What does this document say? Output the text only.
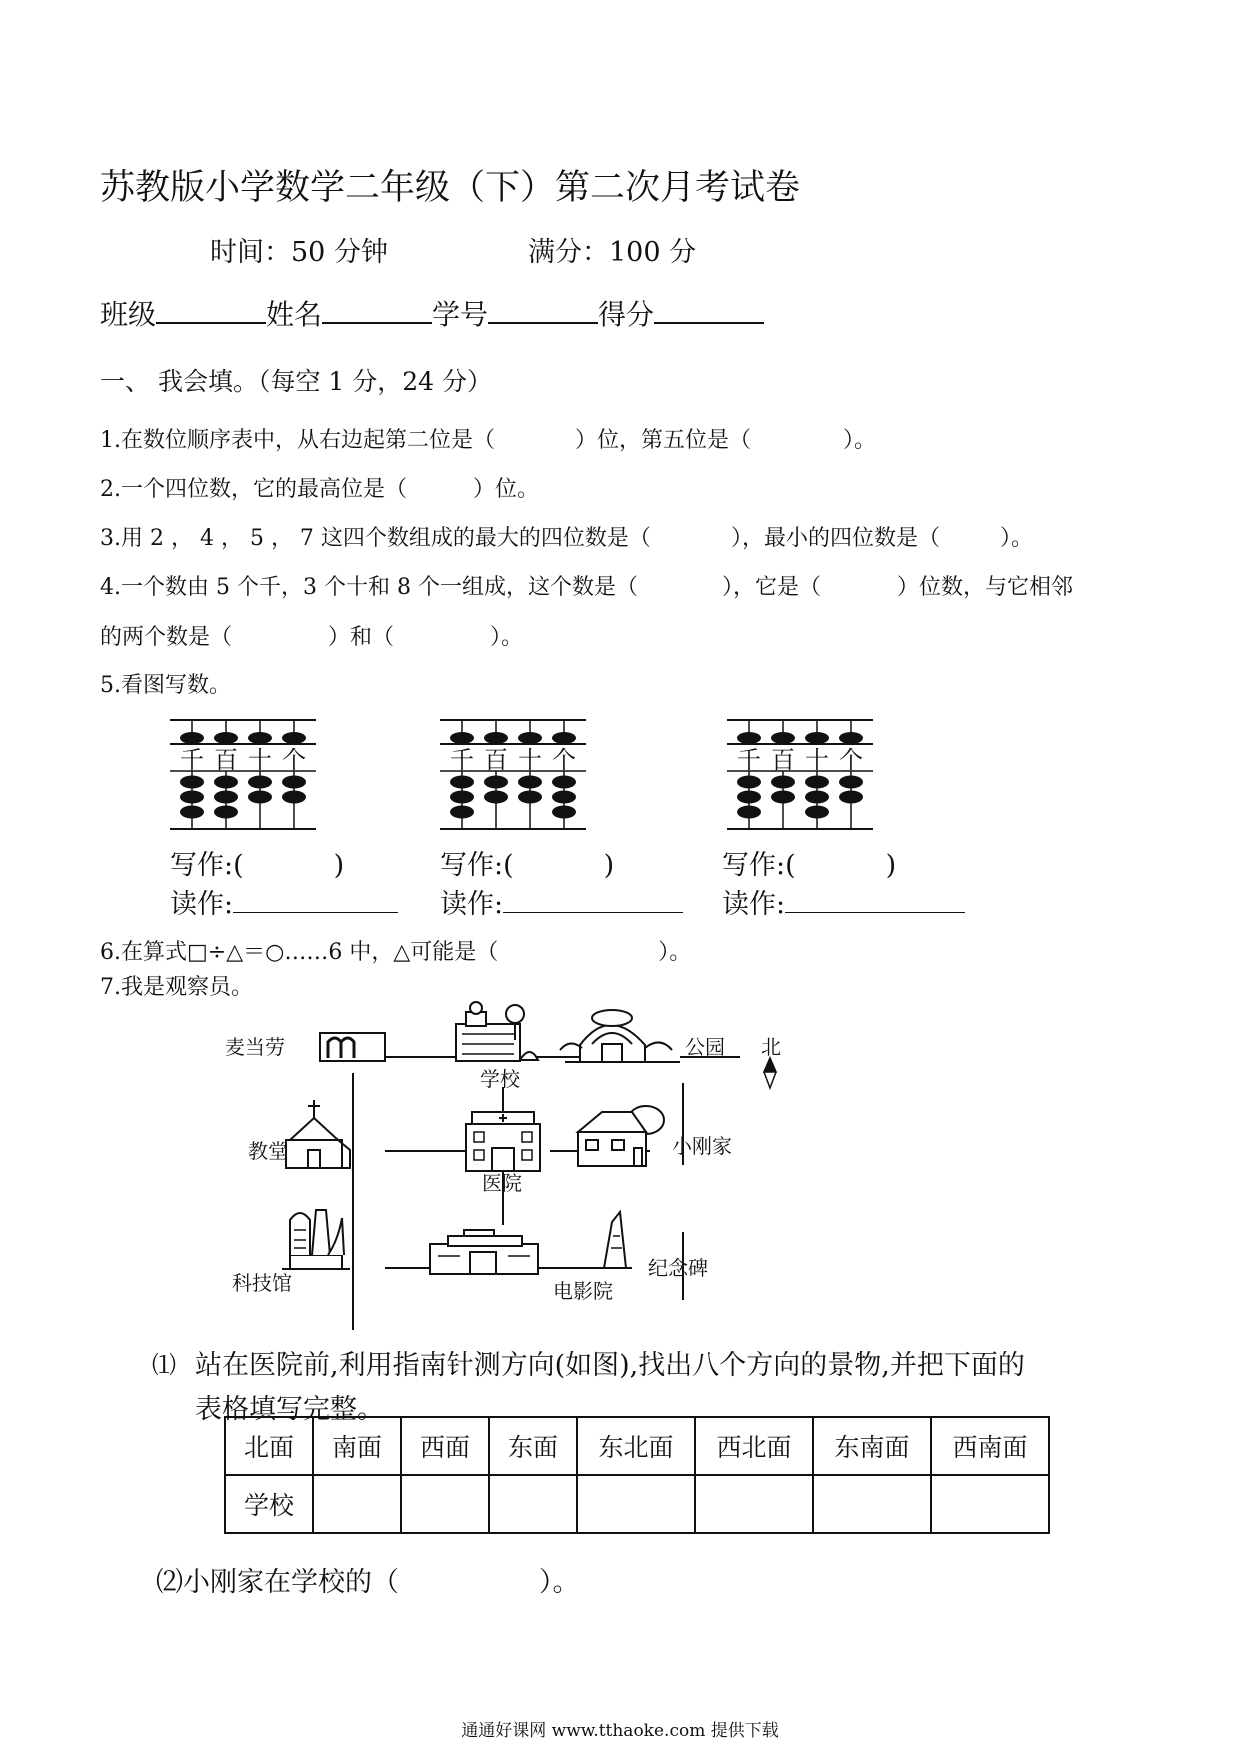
苏教版小学数学二年级（下）第二次月考试卷
时间：50 分钟	满分：100 分
班级	姓名	学号	得分
一、 我会填。（每空 1 分，24 分）
1.在数位顺序表中，从右边起第二位是（	）位，第五位是（	）。
2.一个四位数，它的最高位是（	）位。
3.用 2 ， 4 ， 5 ， 7 这四个数组成的最大的四位数是（	），最小的四位数是（	）。
4.一个数由 5 个千，3 个十和 8 个一组成，这个数是（	），它是（	）位数，与它相邻
的两个数是（	）和（	）。
5.看图写数。
千 百 十 个	千 百 十 个	千 百 十 个
写作:(	)
读作:
写作:(	)
读作:
写作:(	)
读作:
6.在算式□÷△＝○……6 中，△可能是（	）。
7.我是观察员。
麦当劳
学校
公园 北
教堂
医院
小刚家
科技馆	电影院
纪念碑
⑴ 站在医院前,利用指南针测方向(如图),找出八个方向的景物,并把下面的
表格填写完整。
北面	南面	西面	东面	东北面	西北面	东南面	西南面
学校							
⑵小刚家在学校的（	）。
通通好课网 www.tthaoke.com 提供下载
